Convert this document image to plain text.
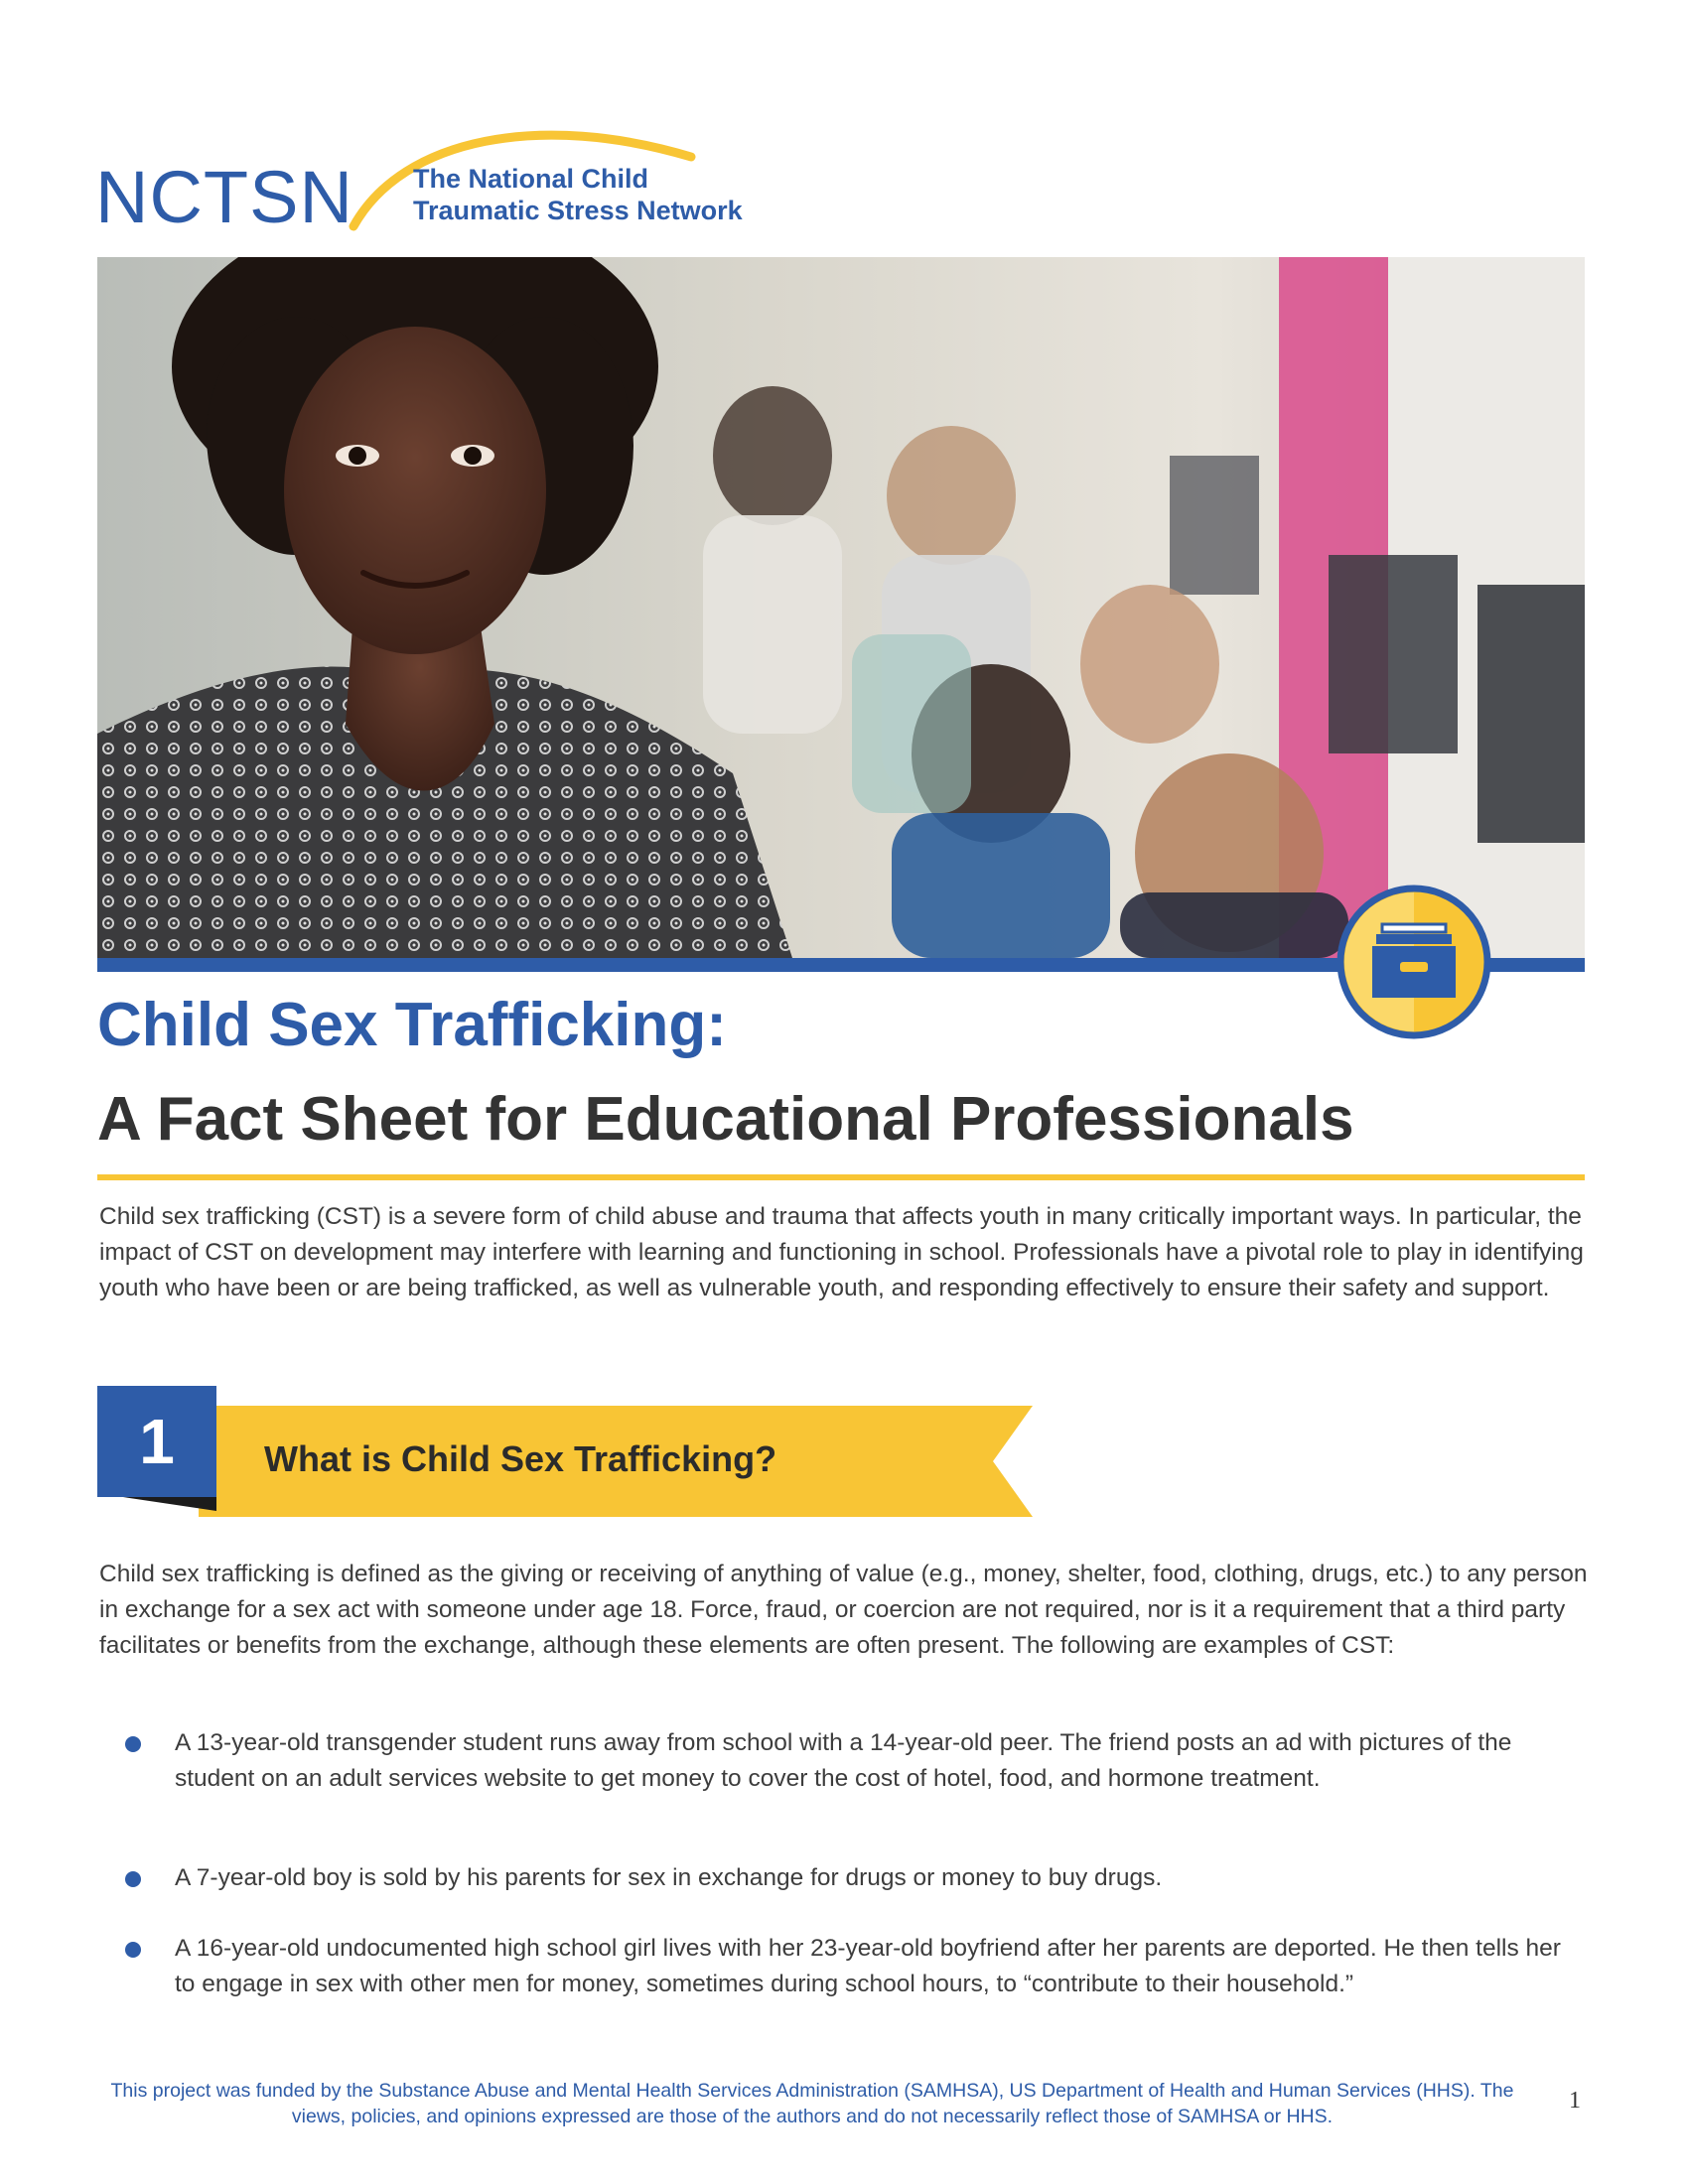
NCTSN The National Child
Traumatic Stress Network
Child Sex Trafficking:
A Fact Sheet for Educational Professionals
Child sex trafficking (CST) is a severe form of child abuse and trauma that affects youth in many critically important ways. In particular, the impact of CST on development may interfere with learning and functioning in school. Professionals have a pivotal role to play in identifying youth who have been or are being trafficked, as well as vulnerable youth, and responding effectively to ensure their safety and support.
1	What is Child Sex Trafficking?
Child sex trafficking is defined as the giving or receiving of anything of value (e.g., money, shelter, food, clothing, drugs, etc.) to any person in exchange for a sex act with someone under age 18. Force, fraud, or coercion are not required, nor is it a requirement that a third party facilitates or benefits from the exchange, although these elements are often present. The following are examples of CST:
A 13-year-old transgender student runs away from school with a 14-year-old peer. The friend posts an ad with pictures of the student on an adult services website to get money to cover the cost of hotel, food, and hormone treatment.
A 7-year-old boy is sold by his parents for sex in exchange for drugs or money to buy drugs.
A 16-year-old undocumented high school girl lives with her 23-year-old boyfriend after her parents are deported. He then tells her to engage in sex with other men for money, sometimes during school hours, to “contribute to their household.”
This project was funded by the Substance Abuse and Mental Health Services Administration (SAMHSA), US Department of Health and Human Services (HHS). The views, policies, and opinions expressed are those of the authors and do not necessarily reflect those of SAMHSA or HHS.
1
